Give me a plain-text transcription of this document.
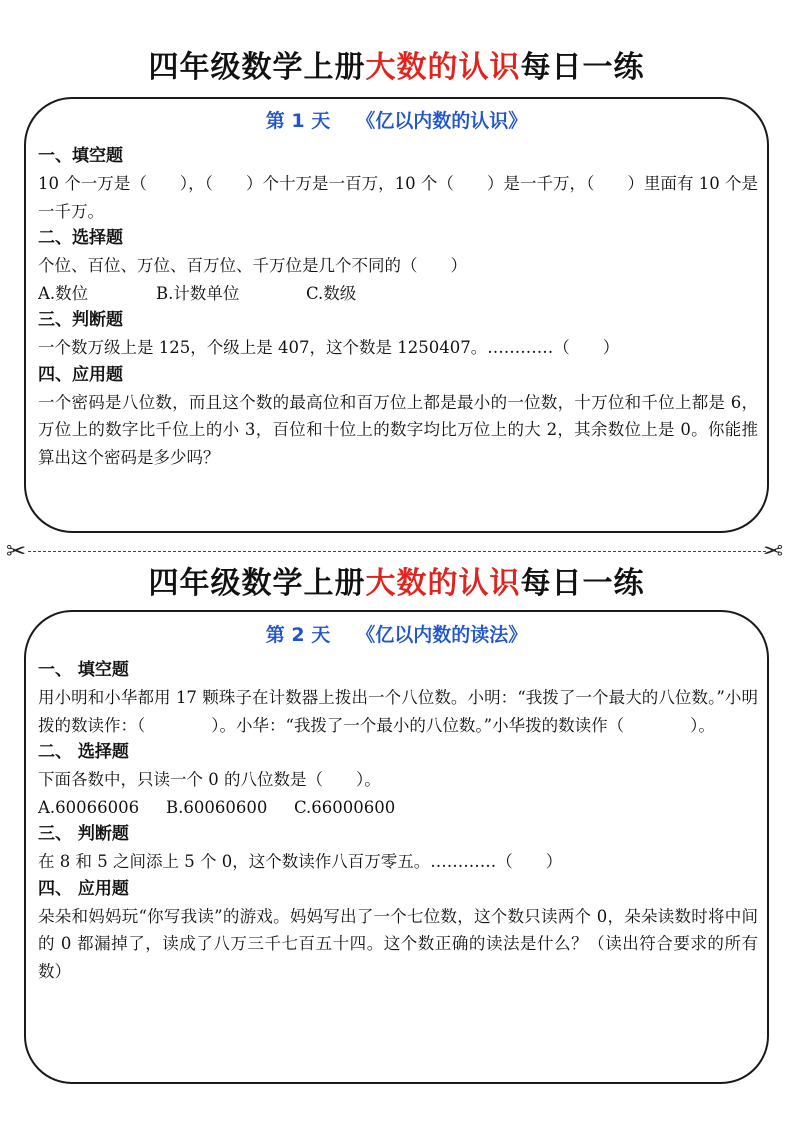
四年级数学上册大数的认识每日一练
第 1 天 《亿以内数的认识》
一、填空题
10 个一万是（　　），（　　）个十万是一百万，10 个（　　）是一千万，（　　）里面有 10 个是一千万。
二、选择题
个位、百位、万位、百万位、千万位是几个不同的（　　）
A.数位	B.计数单位	C.数级
三、判断题
一个数万级上是 125，个级上是 407，这个数是 1250407。…………（　　）
四、应用题
一个密码是八位数，而且这个数的最高位和百万位上都是最小的一位数，十万位和千位上都是 6，万位上的数字比千位上的小 3，百位和十位上的数字均比万位上的大 2，其余数位上是 0。你能推算出这个密码是多少吗？
✂	✂
四年级数学上册大数的认识每日一练
第 2 天 《亿以内数的读法》
一、 填空题
用小明和小华都用 17 颗珠子在计数器上拨出一个八位数。小明：“我拨了一个最大的八位数。”小明拨的数读作：（　　　　）。小华：“我拨了一个最小的八位数。”小华拨的数读作（　　　　）。
二、 选择题
下面各数中，只读一个 0 的八位数是（　　）。
A.60066006 B.60060600 C.66000600
三、 判断题
在 8 和 5 之间添上 5 个 0，这个数读作八百万零五。…………（　　）
四、 应用题
朵朵和妈妈玩“你写我读”的游戏。妈妈写出了一个七位数，这个数只读两个 0，朵朵读数时将中间的 0 都漏掉了，读成了八万三千七百五十四。这个数正确的读法是什么？（读出符合要求的所有数）
